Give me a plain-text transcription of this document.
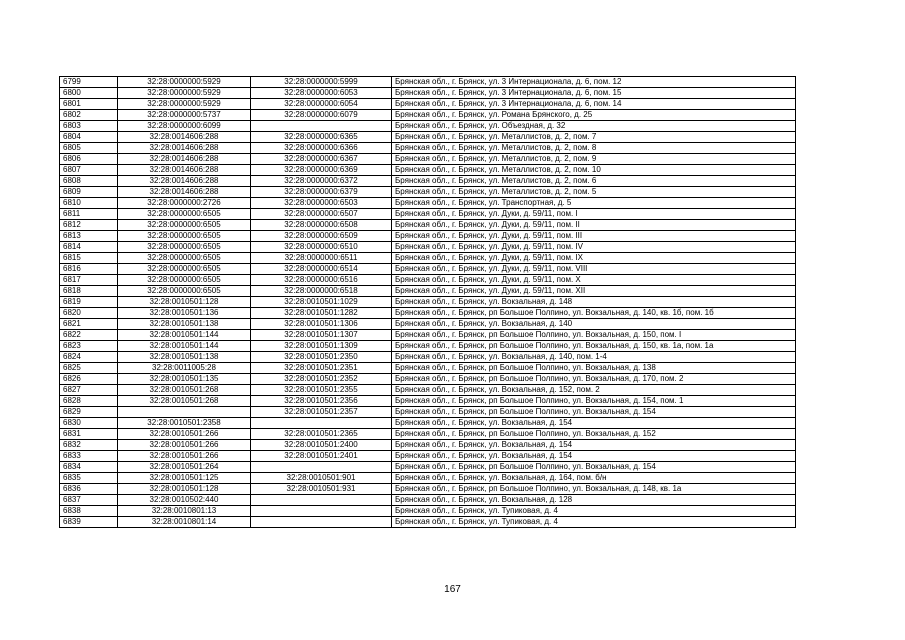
6799	32:28:0000000:5929	32:28:0000000:5999	Брянская обл., г. Брянск, ул. 3 Интернационала, д. 6, пом. 12
6800	32:28:0000000:5929	32:28:0000000:6053	Брянская обл., г. Брянск, ул. 3 Интернационала, д. 6, пом. 15
6801	32:28:0000000:5929	32:28:0000000:6054	Брянская обл., г. Брянск, ул. 3 Интернационала, д. 6, пом. 14
6802	32:28:0000000:5737	32:28:0000000:6079	Брянская обл., г. Брянск, ул. Романа Брянского, д. 25
6803	32:28:0000000:6099		Брянская обл., г. Брянск, ул. Объездная, д. 32
6804	32:28:0014606:288	32:28:0000000:6365	Брянская обл., г. Брянск, ул. Металлистов, д. 2, пом. 7
6805	32:28:0014606:288	32:28:0000000:6366	Брянская обл., г. Брянск, ул. Металлистов, д. 2, пом. 8
6806	32:28:0014606:288	32:28:0000000:6367	Брянская обл., г. Брянск, ул. Металлистов, д. 2, пом. 9
6807	32:28:0014606:288	32:28:0000000:6369	Брянская обл., г. Брянск, ул. Металлистов, д. 2, пом. 10
6808	32:28:0014606:288	32:28:0000000:6372	Брянская обл., г. Брянск, ул. Металлистов, д. 2, пом. 6
6809	32:28:0014606:288	32:28:0000000:6379	Брянская обл., г. Брянск, ул. Металлистов, д. 2, пом. 5
6810	32:28:0000000:2726	32:28:0000000:6503	Брянская обл., г. Брянск, ул. Транспортная, д. 5
6811	32:28:0000000:6505	32:28:0000000:6507	Брянская обл., г. Брянск, ул. Дуки, д. 59/11, пом. I
6812	32:28:0000000:6505	32:28:0000000:6508	Брянская обл., г. Брянск, ул. Дуки, д. 59/11, пом. II
6813	32:28:0000000:6505	32:28:0000000:6509	Брянская обл., г. Брянск, ул. Дуки, д. 59/11, пом. III
6814	32:28:0000000:6505	32:28:0000000:6510	Брянская обл., г. Брянск, ул. Дуки, д. 59/11, пом. IV
6815	32:28:0000000:6505	32:28:0000000:6511	Брянская обл., г. Брянск, ул. Дуки, д. 59/11, пом. IX
6816	32:28:0000000:6505	32:28:0000000:6514	Брянская обл., г. Брянск, ул. Дуки, д. 59/11, пом. VIII
6817	32:28:0000000:6505	32:28:0000000:6516	Брянская обл., г. Брянск, ул. Дуки, д. 59/11, пом. X
6818	32:28:0000000:6505	32:28:0000000:6518	Брянская обл., г. Брянск, ул. Дуки, д. 59/11, пом. XII
6819	32:28:0010501:128	32:28:0010501:1029	Брянская обл., г. Брянск, ул. Вокзальная, д. 148
6820	32:28:0010501:136	32:28:0010501:1282	Брянская обл., г. Брянск, рп Большое Полпино, ул. Вокзальная, д. 140, кв. 1б, пом. 1б
6821	32:28:0010501:138	32:28:0010501:1306	Брянская обл., г. Брянск, ул. Вокзальная, д. 140
6822	32:28:0010501:144	32:28:0010501:1307	Брянская обл., г. Брянск, рп Большое Полпино, ул. Вокзальная, д. 150, пом. I
6823	32:28:0010501:144	32:28:0010501:1309	Брянская обл., г. Брянск, рп Большое Полпино, ул. Вокзальная, д. 150, кв. 1а, пом. 1а
6824	32:28:0010501:138	32:28:0010501:2350	Брянская обл., г. Брянск, ул. Вокзальная, д. 140, пом. 1-4
6825	32:28:0011005:28	32:28:0010501:2351	Брянская обл., г. Брянск, рп Большое Полпино, ул. Вокзальная, д. 138
6826	32:28:0010501:135	32:28:0010501:2352	Брянская обл., г. Брянск, рп Большое Полпино, ул. Вокзальная, д. 170, пом. 2
6827	32:28:0010501:268	32:28:0010501:2355	Брянская обл., г. Брянск, ул. Вокзальная, д. 152, пом. 2
6828	32:28:0010501:268	32:28:0010501:2356	Брянская обл., г. Брянск, рп Большое Полпино, ул. Вокзальная, д. 154, пом. 1
6829		32:28:0010501:2357	Брянская обл., г. Брянск, рп Большое Полпино, ул. Вокзальная, д. 154
6830	32:28:0010501:2358		Брянская обл., г. Брянск, ул. Вокзальная, д. 154
6831	32:28:0010501:266	32:28:0010501:2365	Брянская обл., г. Брянск, рп Большое Полпино, ул. Вокзальная, д. 152
6832	32:28:0010501:266	32:28:0010501:2400	Брянская обл., г. Брянск, ул. Вокзальная, д. 154
6833	32:28:0010501:266	32:28:0010501:2401	Брянская обл., г. Брянск, ул. Вокзальная, д. 154
6834	32:28:0010501:264		Брянская обл., г. Брянск, рп Большое Полпино, ул. Вокзальная, д. 154
6835	32:28:0010501:125	32:28:0010501:901	Брянская обл., г. Брянск, ул. Вокзальная, д. 164, пом. б/н
6836	32:28:0010501:128	32:28:0010501:931	Брянская обл., г. Брянск, рп Большое Полпино, ул. Вокзальная, д. 148, кв. 1а
6837	32:28:0010502:440		Брянская обл., г. Брянск, ул. Вокзальная, д. 128
6838	32:28:0010801:13		Брянская обл., г. Брянск, ул. Тупиковая, д. 4
6839	32:28:0010801:14		Брянская обл., г. Брянск, ул. Тупиковая, д. 4
167
